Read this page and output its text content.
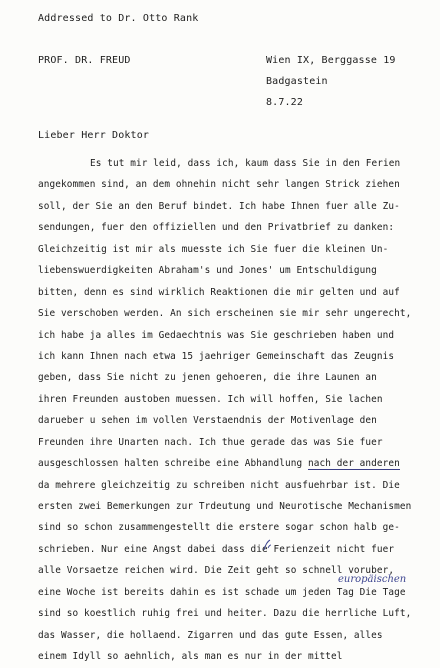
Addressed to Dr. Otto Rank
PROF. DR. FREUD	Wien IX, Berggasse 19
Badgastein
8.7.22
Lieber Herr Doktor
Es tut mir leid, dass ich, kaum dass Sie in den Ferien
angekommen sind, an dem ohnehin nicht sehr langen Strick ziehen
soll, der Sie an den Beruf bindet. Ich habe Ihnen fuer alle Zu-
sendungen, fuer den offiziellen und den Privatbrief zu danken:
Gleichzeitig ist mir als muesste ich Sie fuer die kleinen Un-
liebenswuerdigkeiten Abraham's und Jones' um Entschuldigung
bitten, denn es sind wirklich Reaktionen die mir gelten und auf
Sie verschoben werden. An sich erscheinen sie mir sehr ungerecht,
ich habe ja alles im Gedaechtnis was Sie geschrieben haben und
ich kann Ihnen nach etwa 15 jaehriger Gemeinschaft das Zeugnis
geben, dass Sie nicht zu jenen gehoeren, die ihre Launen an
ihren Freunden austoben muessen. Ich will hoffen, Sie lachen
darueber u sehen im vollen Verstaendnis der Motivenlage den
Freunden ihre Unarten nach. Ich thue gerade das was Sie fuer
ausgeschlossen halten schreibe eine Abhandlung nach der anderen
da mehrere gleichzeitig zu schreiben nicht ausfuehrbar ist. Die
ersten zwei Bemerkungen zur Trdeutung und Neurotische Mechanismen
sind so schon zusammengestellt die erstere sogar schon halb ge-
schrieben. Nur eine Angst dabei dass die Ferienzeit nicht fuer
alle Vorsaetze reichen wird. Die Zeit geht so schnell voruber,
eine Woche ist bereits dahin es ist schade um jeden Tag Die Tage
sind so koestlich ruhig frei und heiter. Dazu die herrliche Luft,
das Wasser, die hollaend. Zigarren und das gute Essen, alles
einem Idyll so aehnlich, als man es nur in der mittel
europäischen
